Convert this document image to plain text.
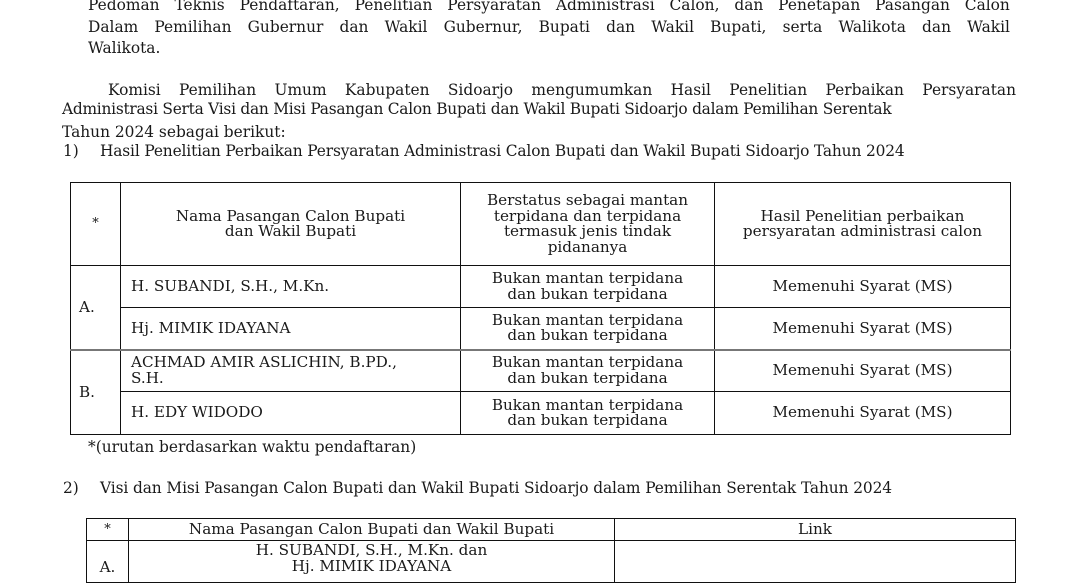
Pedoman Teknis Pendaftaran, Penelitian Persyaratan Administrasi Calon, dan Penetapan Pasangan Calon
Dalam Pemilihan Gubernur dan Wakil Gubernur, Bupati dan Wakil Bupati, serta Walikota dan Wakil
Walikota.
Komisi Pemilihan Umum Kabupaten Sidoarjo mengumumkan Hasil Penelitian Perbaikan Persyaratan
Administrasi Serta Visi dan Misi Pasangan Calon Bupati dan Wakil Bupati Sidoarjo dalam Pemilihan Serentak
Tahun 2024 sebagai berikut:
1) Hasil Penelitian Perbaikan Persyaratan Administrasi Calon Bupati dan Wakil Bupati Sidoarjo Tahun 2024
*	Nama Pasangan Calon Bupati dan Wakil Bupati	Berstatus sebagai mantan terpidana dan terpidana termasuk jenis tindak pidananya	Hasil Penelitian perbaikan persyaratan administrasi calon
A.	H. SUBANDI, S.H., M.Kn.	Bukan mantan terpidana dan bukan terpidana	Memenuhi Syarat (MS)
	Hj. MIMIK IDAYANA	Bukan mantan terpidana dan bukan terpidana	Memenuhi Syarat (MS)
B.	ACHMAD AMIR ASLICHIN, B.PD., S.H.	Bukan mantan terpidana dan bukan terpidana	Memenuhi Syarat (MS)
	H. EDY WIDODO	Bukan mantan terpidana dan bukan terpidana	Memenuhi Syarat (MS)
*(urutan berdasarkan waktu pendaftaran)
2) Visi dan Misi Pasangan Calon Bupati dan Wakil Bupati Sidoarjo dalam Pemilihan Serentak Tahun 2024
*	Nama Pasangan Calon Bupati dan Wakil Bupati	Link
A.	H. SUBANDI, S.H., M.Kn. dan Hj. MIMIK IDAYANA	
